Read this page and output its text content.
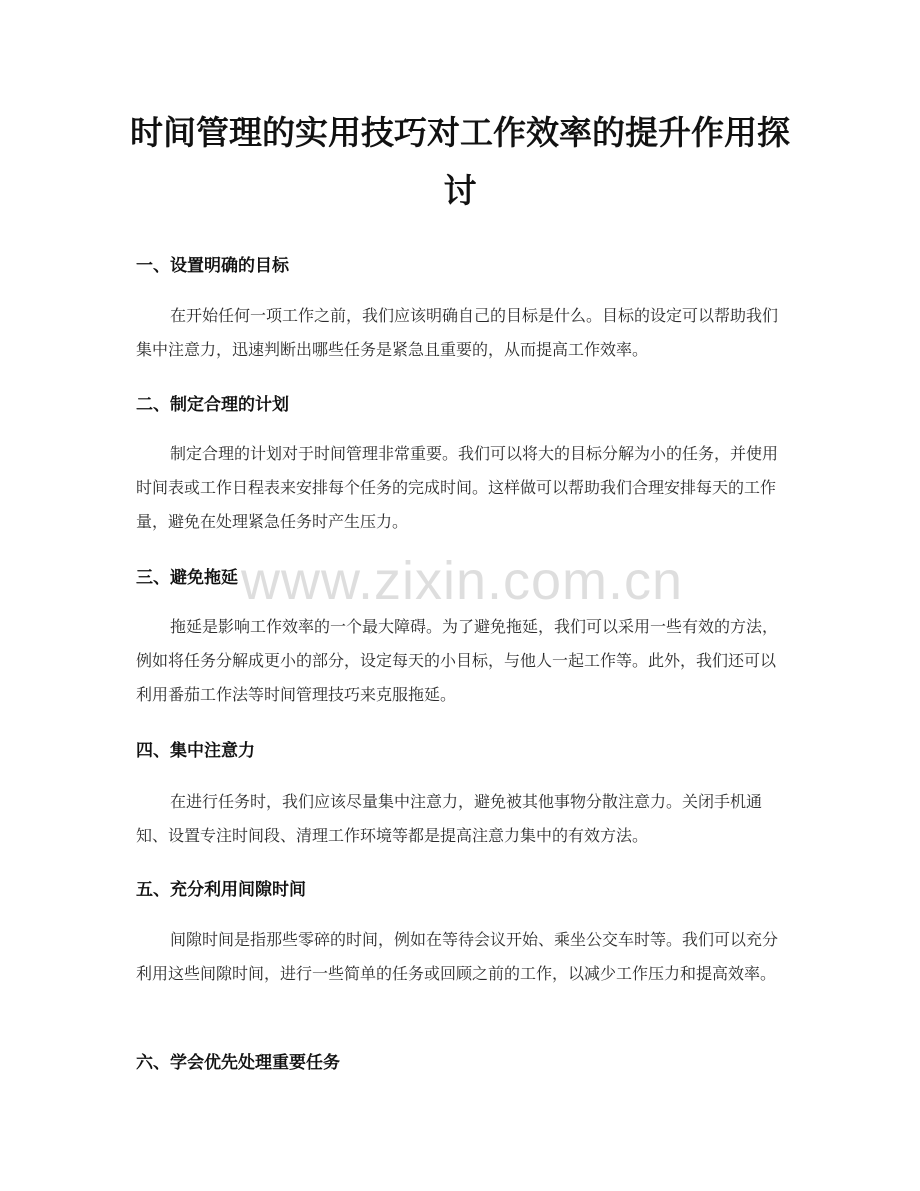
时间管理的实用技巧对工作效率的提升作用探讨
一、设置明确的目标

在开始任何一项工作之前，我们应该明确自己的目标是什么。目标的设定可以帮助我们集中注意力，迅速判断出哪些任务是紧急且重要的，从而提高工作效率。

二、制定合理的计划

制定合理的计划对于时间管理非常重要。我们可以将大的目标分解为小的任务，并使用时间表或工作日程表来安排每个任务的完成时间。这样做可以帮助我们合理安排每天的工作量，避免在处理紧急任务时产生压力。

三、避免拖延

拖延是影响工作效率的一个最大障碍。为了避免拖延，我们可以采用一些有效的方法，例如将任务分解成更小的部分，设定每天的小目标，与他人一起工作等。此外，我们还可以利用番茄工作法等时间管理技巧来克服拖延。

四、集中注意力

在进行任务时，我们应该尽量集中注意力，避免被其他事物分散注意力。关闭手机通知、设置专注时间段、清理工作环境等都是提高注意力集中的有效方法。

五、充分利用间隙时间

间隙时间是指那些零碎的时间，例如在等待会议开始、乘坐公交车时等。我们可以充分利用这些间隙时间，进行一些简单的任务或回顾之前的工作，以减少工作压力和提高效率。

六、学会优先处理重要任务
www.zixin.com.cn
